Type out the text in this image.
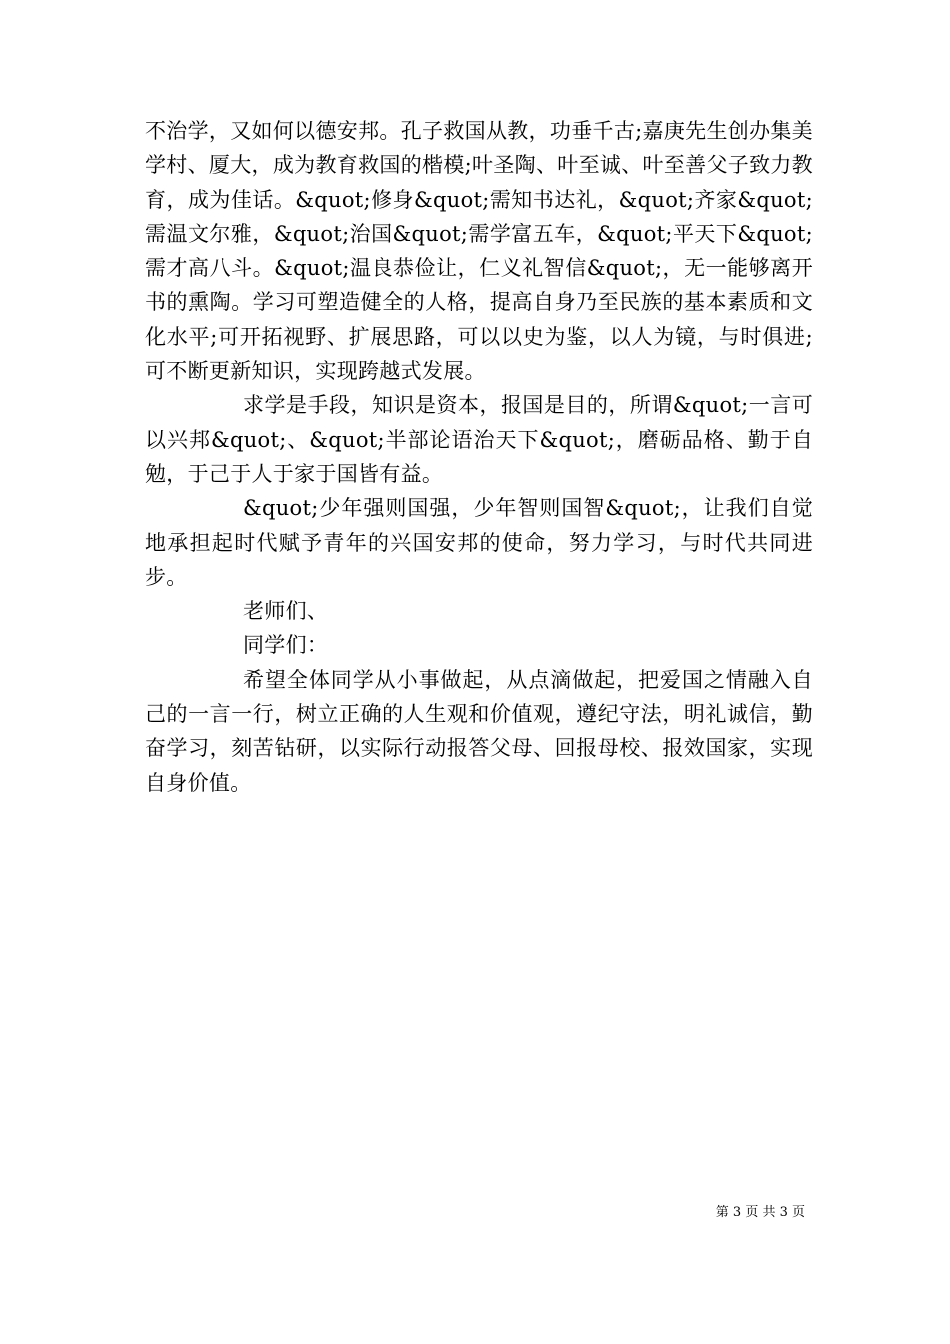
不治学，又如何以德安邦。孔子救国从教，功垂千古;嘉庚先生创办集美学村、厦大，成为教育救国的楷模;叶圣陶、叶至诚、叶至善父子致力教育，成为佳话。&quot;修身&quot;需知书达礼，&quot;齐家&quot;需温文尔雅，&quot;治国&quot;需学富五车，&quot;平天下&quot;需才高八斗。&quot;温良恭俭让，仁义礼智信&quot;，无一能够离开书的熏陶。学习可塑造健全的人格，提高自身乃至民族的基本素质和文化水平;可开拓视野、扩展思路，可以以史为鉴，以人为镜，与时俱进;可不断更新知识，实现跨越式发展。

求学是手段，知识是资本，报国是目的，所谓&quot;一言可以兴邦&quot;、&quot;半部论语治天下&quot;，磨砺品格、勤于自勉，于己于人于家于国皆有益。

&quot;少年强则国强，少年智则国智&quot;，让我们自觉地承担起时代赋予青年的兴国安邦的使命，努力学习，与时代共同进步。

老师们、

同学们：

希望全体同学从小事做起，从点滴做起，把爱国之情融入自己的一言一行，树立正确的人生观和价值观，遵纪守法，明礼诚信，勤奋学习，刻苦钻研，以实际行动报答父母、回报母校、报效国家，实现自身价值。

第 3 页 共 3 页
